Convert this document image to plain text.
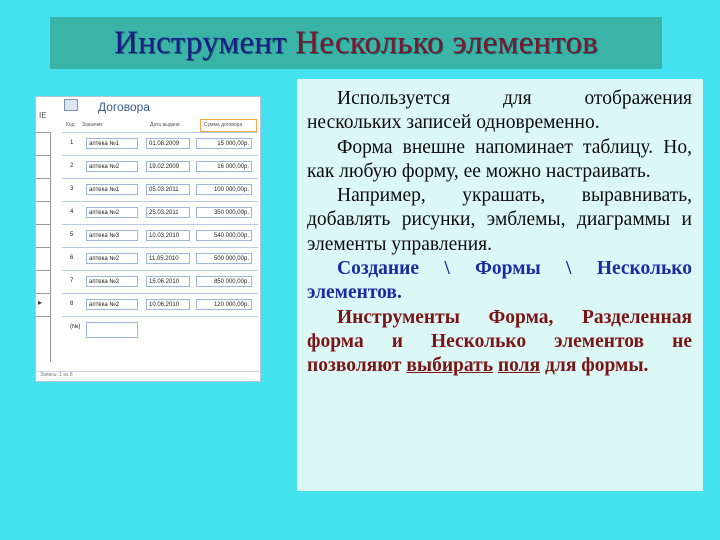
Инструмент Несколько элементов
IE
Договора
Код Заказчик	Дата выдачи	Сумма договора
▸
1	аптека №1	01.08.2009	15 000,00р.
2	аптека №2	19.02.2009	16 000,00р.
3	аптека №1	05.03.2011	100 000,00р.
4	аптека №2	25.03.2011	350 000,00р.
5	аптека №3	10.03.2010	540 000,00р.
6	аптека №2	11.05.2010	500 000,00р.
7	аптека №2	15.06.2010	850 000,00р.
8	аптека №2	10.06.2010	120 000,00р.
(№)
Запись: 1 из 8

Используется для отображения нескольких записей одновременно.

Форма внешне напоминает таблицу. Но, как любую форму, ее можно настраивать.

Например, украшать, выравнивать, добавлять рисунки, эмблемы, диаграммы и элементы управления.

Создание \ Формы \ Несколько элементов.

Инструменты Форма, Разделенная форма и Несколько элементов не позволяют выбирать поля для формы.
